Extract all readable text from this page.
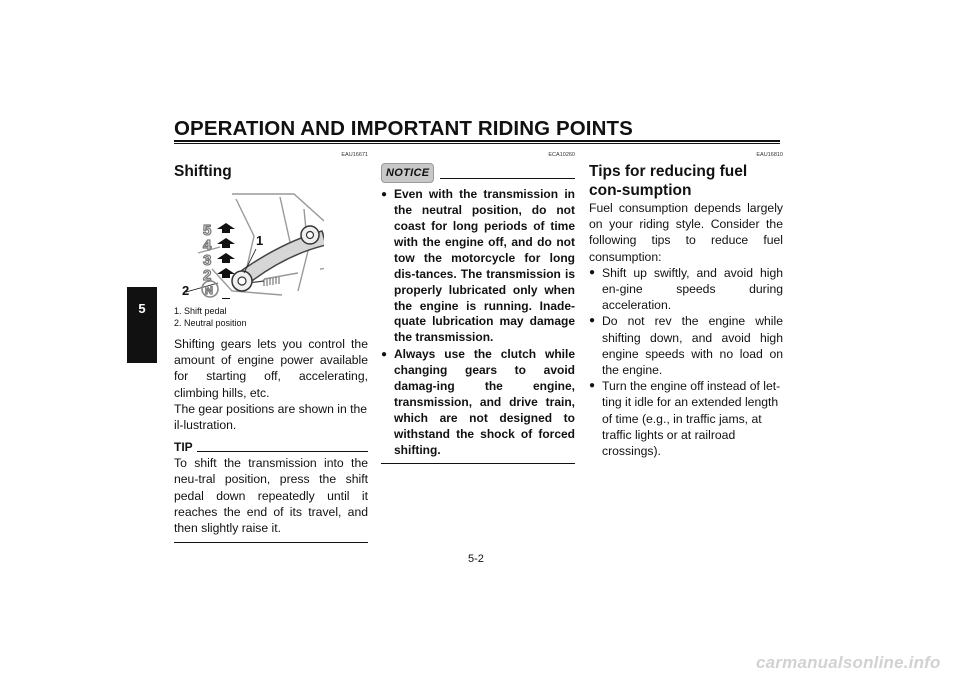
OPERATION AND IMPORTANT RIDING POINTS
5
EAU16671
Shifting
5
4
3
2
N
1
2
1. Shift pedal
2. Neutral position
Shifting gears lets you control the amount of engine power available for starting off, accelerating, climbing hills, etc.
The gear positions are shown in the il-lustration.
TIP
To shift the transmission into the neu-tral position, press the shift pedal down repeatedly until it reaches the end of its travel, and then slightly raise it.
ECA10260
NOTICE
● Even with the transmission in the neutral position, do not coast for long periods of time with the engine off, and do not tow the motorcycle for long dis-tances. The transmission is properly lubricated only when the engine is running. Inade-quate lubrication may damage the transmission.
● Always use the clutch while changing gears to avoid damag-ing the engine, transmission, and drive train, which are not designed to withstand the shock of forced shifting.
EAU16810
Tips for reducing fuel con-sumption
Fuel consumption depends largely on your riding style. Consider the following tips to reduce fuel consumption:
● Shift up swiftly, and avoid high en-gine speeds during acceleration.
● Do not rev the engine while shifting down, and avoid high engine speeds with no load on the engine.
● Turn the engine off instead of let-ting it idle for an extended length of time (e.g., in traffic jams, at traffic lights or at railroad crossings).
5-2
carmanualsonline.info
